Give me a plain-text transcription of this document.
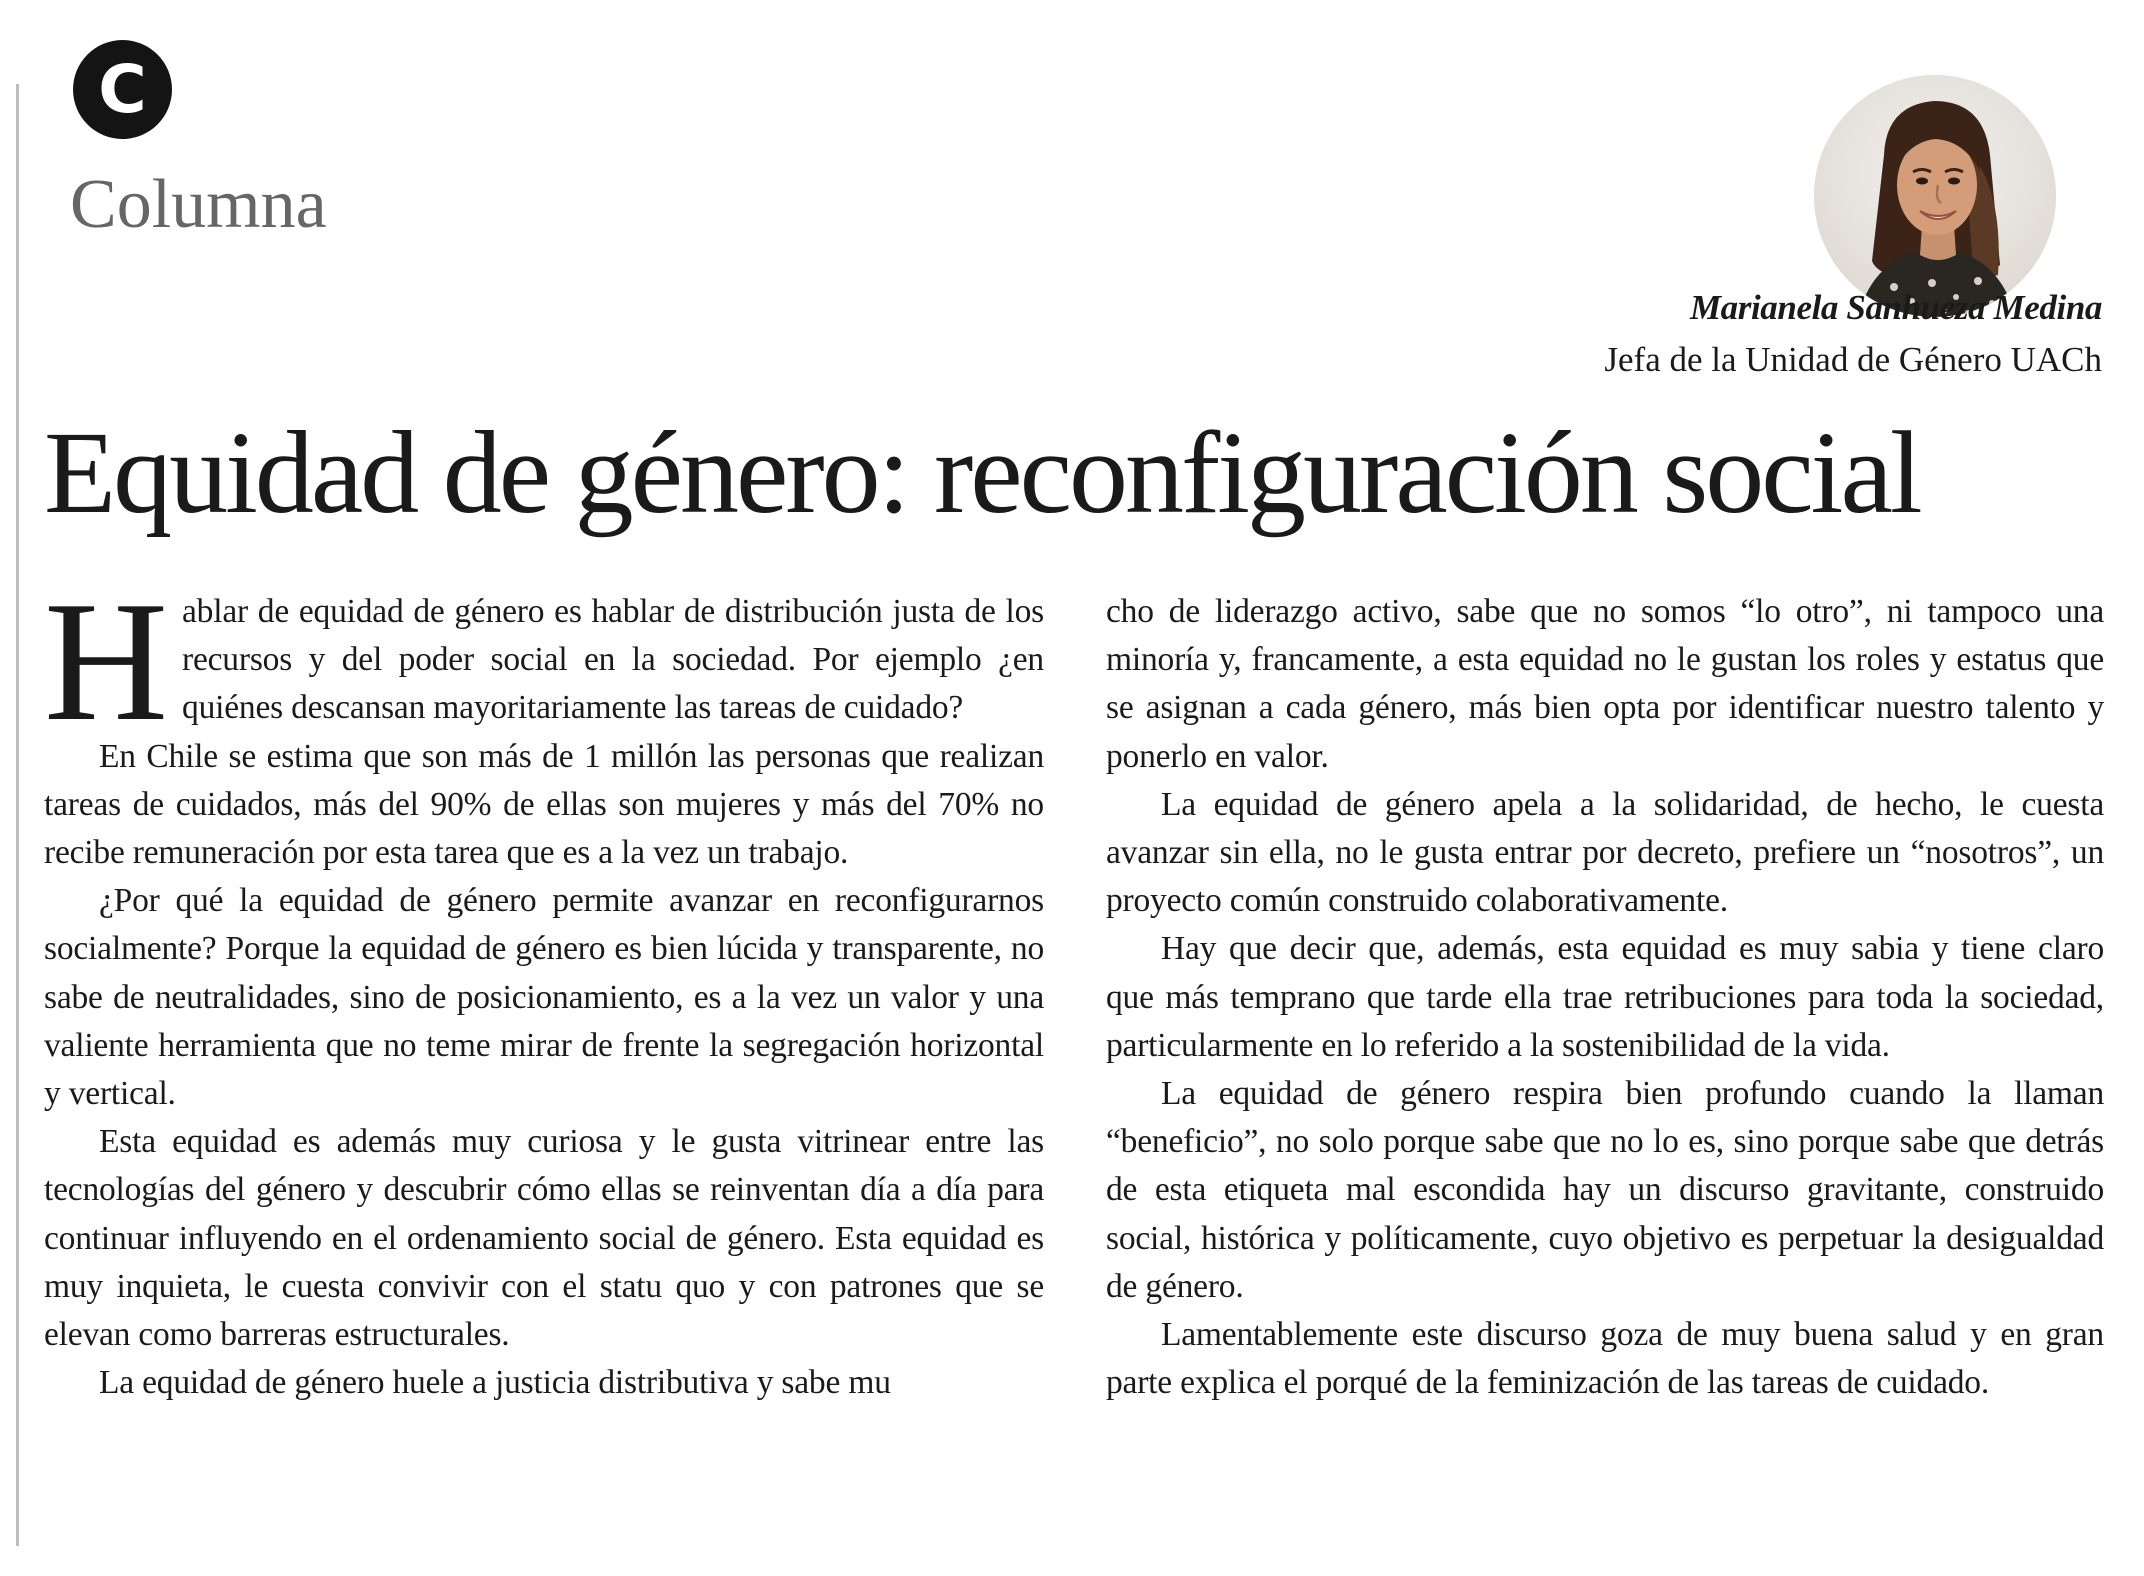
C
Columna
Marianela Sanhueza Medina
Jefa de la Unidad de Género UACh
Equidad de género: reconfiguración social

Hablar de equidad de género es hablar de distribución justa de los recursos y del poder social en la sociedad. Por ejemplo ¿en quiénes descansan mayoritariamente las tareas de cuidado?

En Chile se estima que son más de 1 millón las personas que realizan tareas de cuidados, más del 90% de ellas son mujeres y más del 70% no recibe remuneración por esta tarea que es a la vez un trabajo.

¿Por qué la equidad de género permite avanzar en reconfigurarnos socialmente? Porque la equidad de género es bien lúcida y transparente, no sabe de neutralidades, sino de posicionamiento, es a la vez un valor y una valiente herramienta que no teme mirar de frente la segregación horizontal y vertical.

Esta equidad es además muy curiosa y le gusta vitrinear entre las tecnologías del género y descubrir cómo ellas se reinventan día a día para continuar influyendo en el ordenamiento social de género. Esta equidad es muy inquieta, le cuesta convivir con el statu quo y con patrones que se elevan como barreras estructurales.

La equidad de género huele a justicia distributiva y sabe mu

cho de liderazgo activo, sabe que no somos “lo otro”, ni tampoco una minoría y, francamente, a esta equidad no le gustan los roles y estatus que se asignan a cada género, más bien opta por identificar nuestro talento y ponerlo en valor.

La equidad de género apela a la solidaridad, de hecho, le cuesta avanzar sin ella, no le gusta entrar por decreto, prefiere un “nosotros”, un proyecto común construido colaborativamente.

Hay que decir que, además, esta equidad es muy sabia y tiene claro que más temprano que tarde ella trae retribuciones para toda la sociedad, particularmente en lo referido a la sostenibilidad de la vida.

La equidad de género respira bien profundo cuando la llaman “beneficio”, no solo porque sabe que no lo es, sino porque sabe que detrás de esta etiqueta mal escondida hay un discurso gravitante, construido social, histórica y políticamente, cuyo objetivo es perpetuar la desigualdad de género.

Lamentablemente este discurso goza de muy buena salud y en gran parte explica el porqué de la feminización de las tareas de cuidado.
